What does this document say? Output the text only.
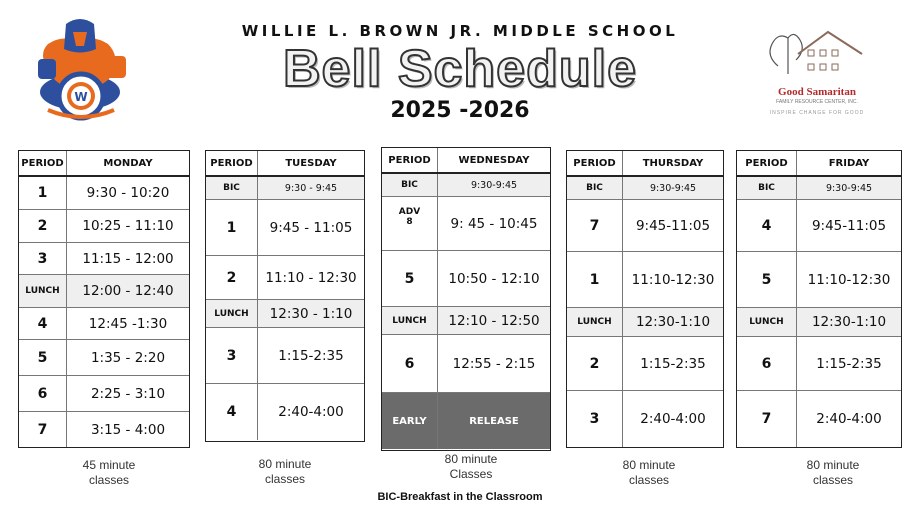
W
WILLIE L. BROWN JR. MIDDLE SCHOOL
Bell Schedule
2025 -2026
Good Samaritan
FAMILY RESOURCE CENTER, INC.
INSPIRE CHANGE FOR GOOD
PERIOD	MONDAY
1	9:30 - 10:20
2	10:25 - 11:10
3	11:15 - 12:00
LUNCH	12:00 - 12:40
4	12:45 -1:30
5	1:35 - 2:20
6	2:25 - 3:10
7	3:15 - 4:00
PERIOD	TUESDAY
BIC	9:30 - 9:45
1	9:45 - 11:05
2	11:10 - 12:30
LUNCH	12:30 - 1:10
3	1:15-2:35
4	2:40-4:00
PERIOD	WEDNESDAY
BIC	9:30-9:45
ADV
8	9: 45 - 10:45
5	10:50 - 12:10
LUNCH	12:10 - 12:50
6	12:55 - 2:15
EARLY	RELEASE
PERIOD	THURSDAY
BIC	9:30-9:45
7	9:45-11:05
1	11:10-12:30
LUNCH	12:30-1:10
2	1:15-2:35
3	2:40-4:00
PERIOD	FRIDAY
BIC	9:30-9:45
4	9:45-11:05
5	11:10-12:30
LUNCH	12:30-1:10
6	1:15-2:35
7	2:40-4:00
45 minute classes
80 minute classes
80 minute Classes
80 minute classes
80 minute classes
BIC-Breakfast in the Classroom
